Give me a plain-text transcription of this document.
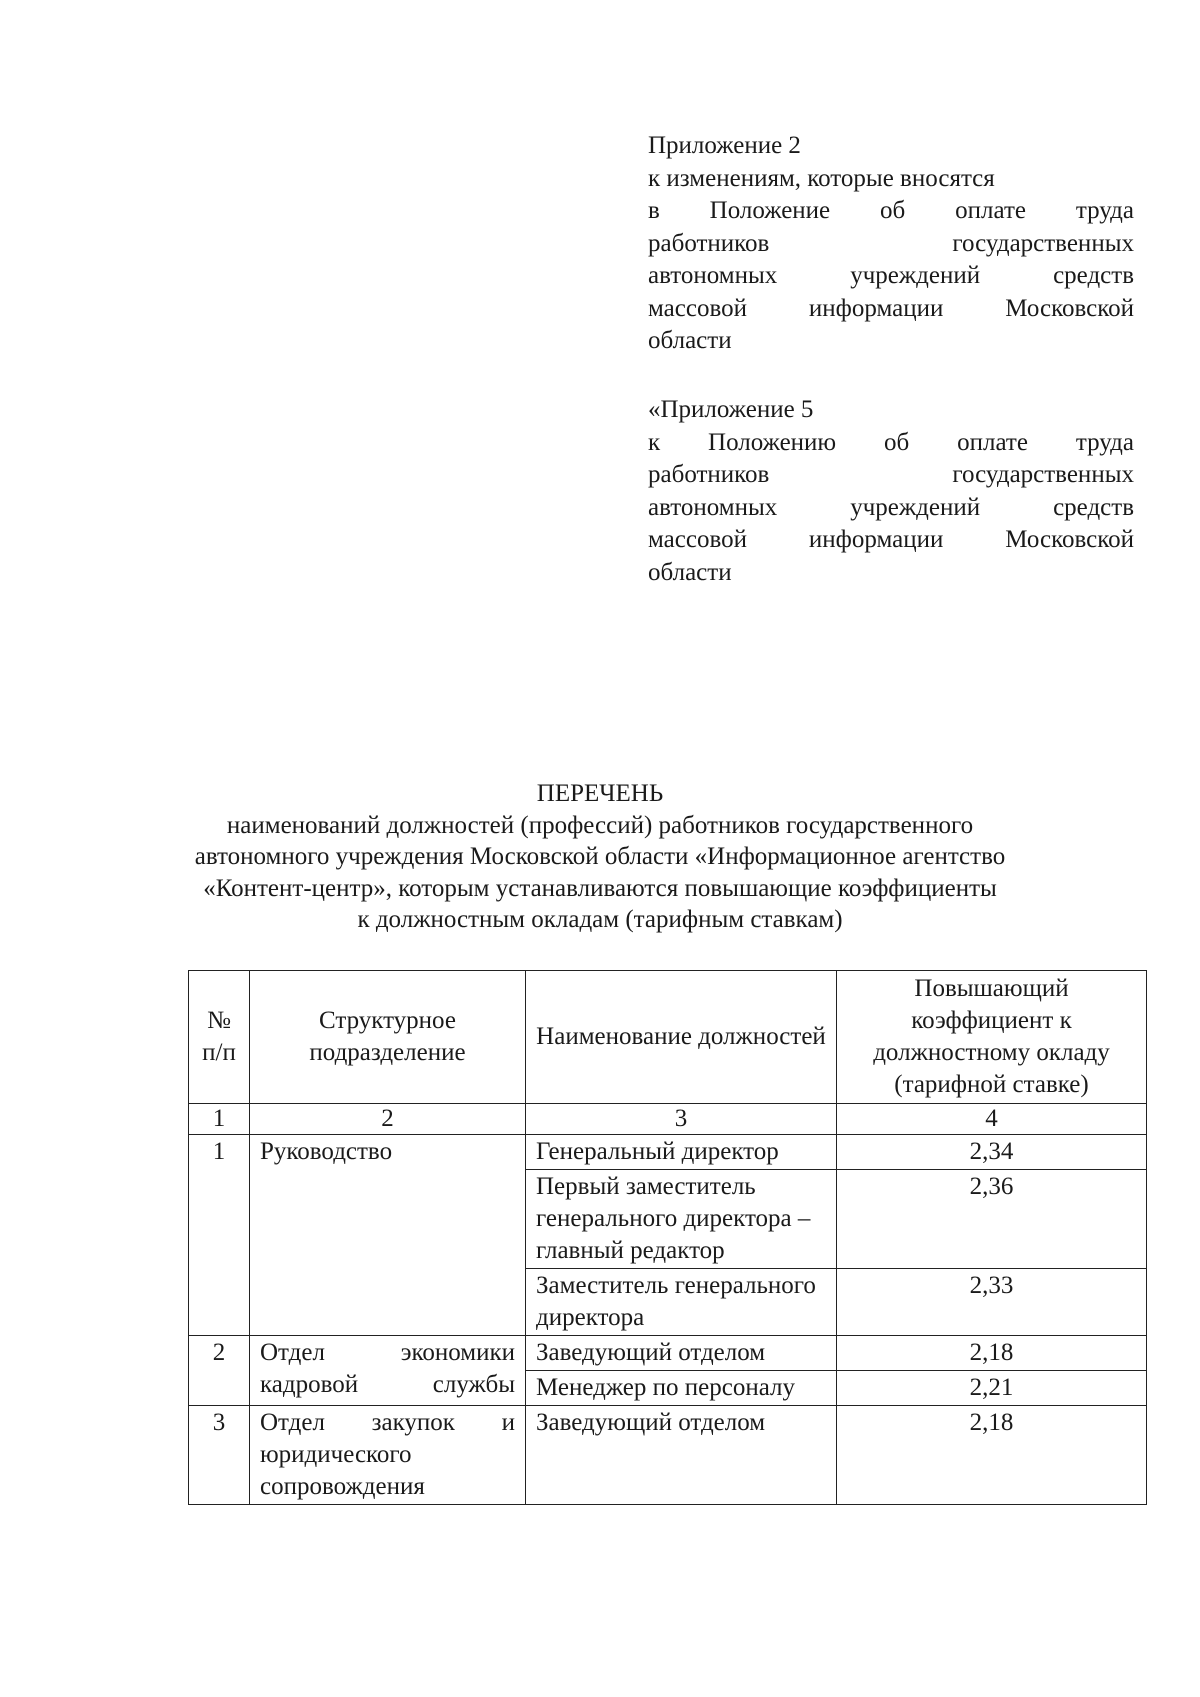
Приложение 2
к изменениям, которые вносятся
в Положение об оплате труда
работников государственных
автономных учреждений средств
массовой информации Московской
области
«Приложение 5
к Положению об оплате труда
работников государственных
автономных учреждений средств
массовой информации Московской
области
ПЕРЕЧЕНЬ
наименований должностей (профессий) работников государственного
автономного учреждения Московской области «Информационное агентство
«Контент-центр», которым устанавливаются повышающие коэффициенты
к должностным окладам (тарифным ставкам)
№ п/п	Структурное подразделение	Наименование должностей	Повышающий коэффициент к должностному окладу (тарифной ставке)
1	2	3	4
1	Руководство	Генеральный директор	2,34
		Первый заместитель генерального директора – главный редактор	2,36
		Заместитель генерального директора	2,33
2	Отдел экономики кадровой службы	Заведующий отделом	2,18
		Менеджер по персоналу	2,21
3	Отдел закупок и юридического сопровождения	Заведующий отделом	2,18
